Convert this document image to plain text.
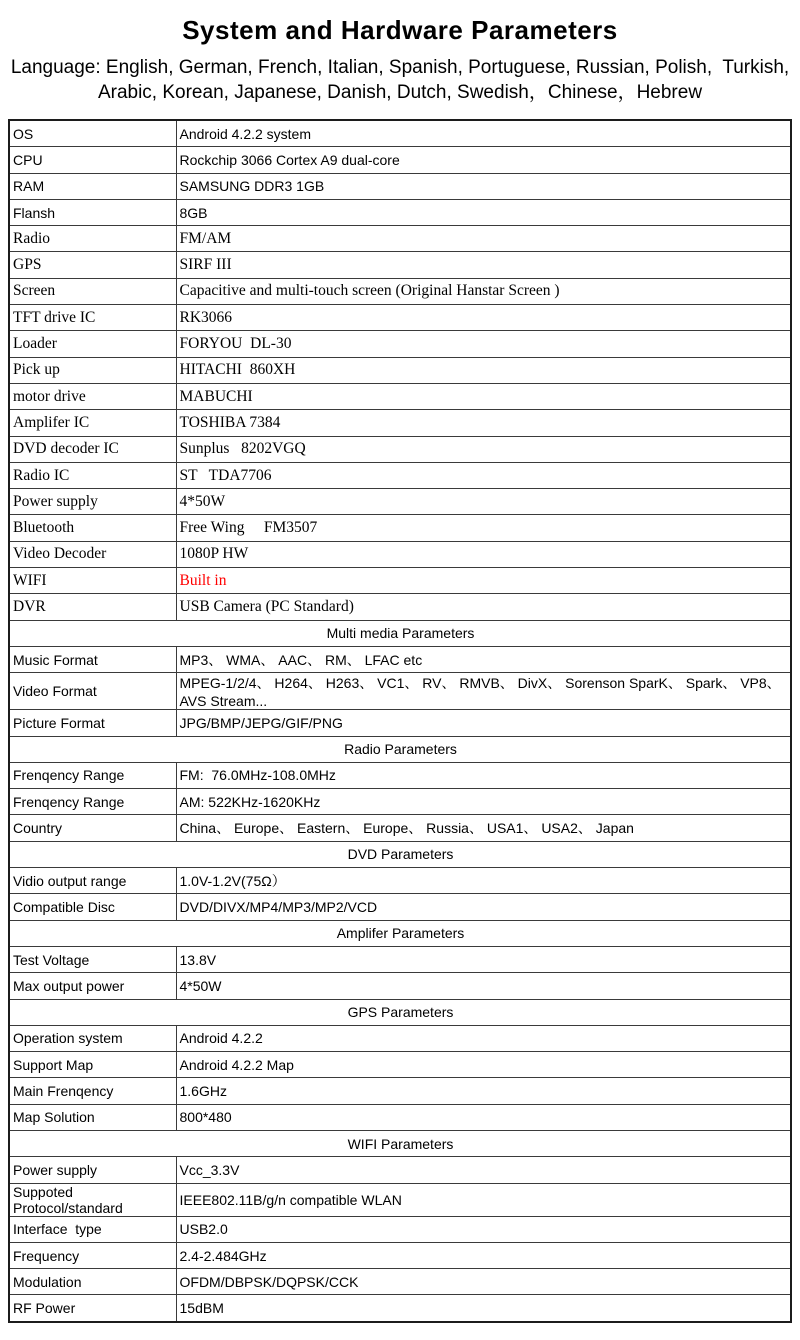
System and Hardware Parameters

Language: English, German, French, Italian, Spanish, Portuguese, Russian, Polish,  Turkish,
Arabic, Korean, Japanese, Danish, Dutch, Swedish，Chinese，Hebrew

OS	Android 4.2.2 system
CPU	Rockchip 3066 Cortex A9 dual-core
RAM	SAMSUNG DDR3 1GB
Flansh	8GB
Radio	FM/AM
GPS	SIRF III
Screen	Capacitive and multi-touch screen (Original Hanstar Screen )
TFT drive IC	RK3066
Loader	FORYOU  DL-30
Pick up	HITACHI  860XH
motor drive	MABUCHI
Amplifer IC	TOSHIBA 7384
DVD decoder IC	Sunplus   8202VGQ
Radio IC	ST   TDA7706
Power supply	4*50W
Bluetooth	Free Wing     FM3507
Video Decoder	1080P HW
WIFI	Built in
DVR	USB Camera (PC Standard)
Multi media Parameters	
Music Format	MP3、 WMA、 AAC、 RM、 LFAC etc
Video Format	MPEG-1/2/4、 H264、 H263、 VC1、 RV、 RMVB、 DivX、 Sorenson SparK、 Spark、 VP8、 AVS Stream...
Picture Format	JPG/BMP/JEPG/GIF/PNG
Radio Parameters	
Frenqency Range	FM:  76.0MHz-108.0MHz
Frenqency Range	AM: 522KHz-1620KHz
Country	China、 Europe、 Eastern、 Europe、 Russia、 USA1、 USA2、 Japan
DVD Parameters	
Vidio output range	1.0V-1.2V(75Ω）
Compatible Disc	DVD/DIVX/MP4/MP3/MP2/VCD
Amplifer Parameters	
Test Voltage	13.8V
Max output power	4*50W
GPS Parameters	
Operation system	Android 4.2.2
Support Map	Android 4.2.2 Map
Main Frenqency	1.6GHz
Map Solution	800*480
WIFI Parameters	
Power supply	Vcc_3.3V
Suppoted Protocol/standard	IEEE802.11B/g/n compatible WLAN
Interface  type	USB2.0
Frequency	2.4-2.484GHz
Modulation	OFDM/DBPSK/DQPSK/CCK
RF Power	15dBM
